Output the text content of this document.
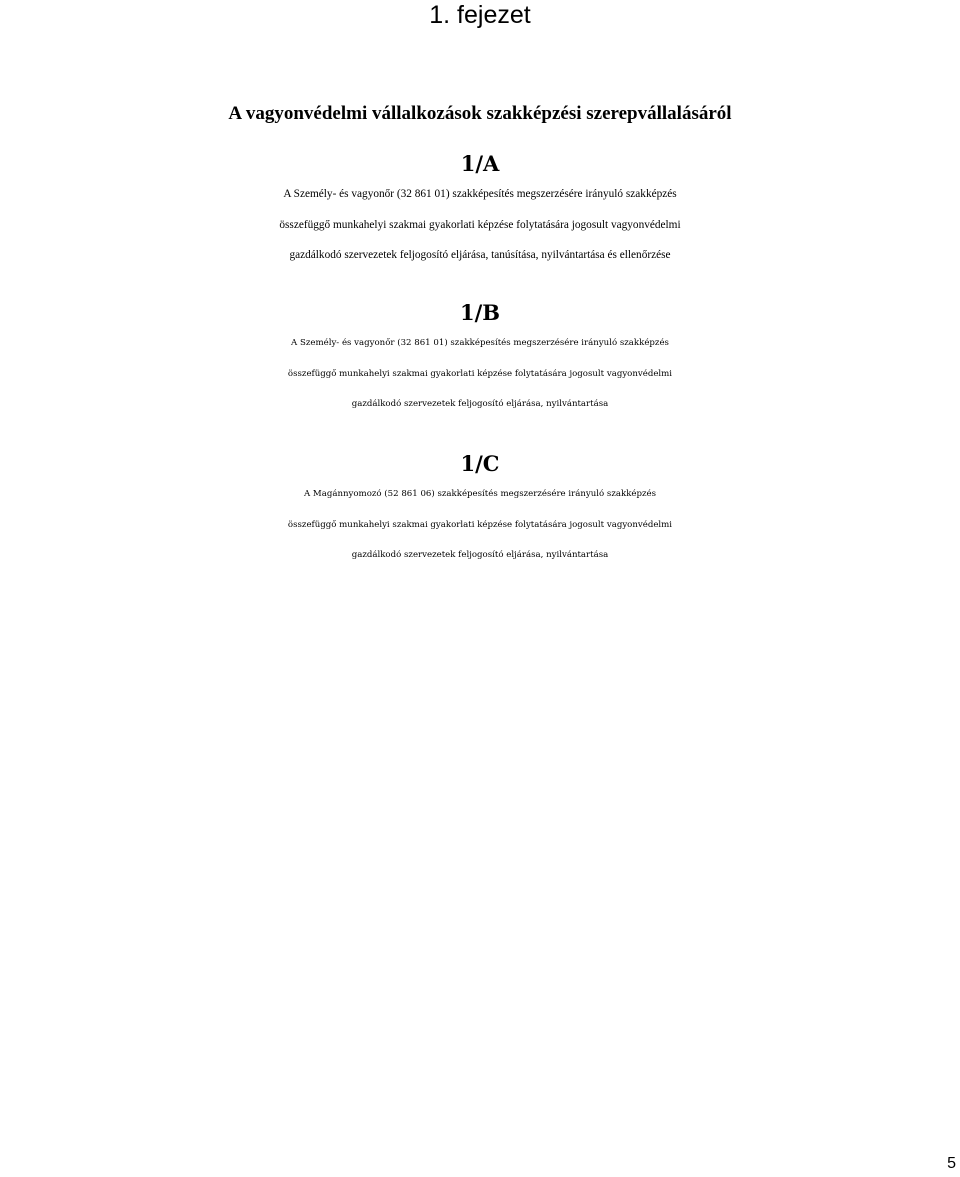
1. fejezet
A vagyonvédelmi vállalkozások szakképzési szerepvállalásáról

1/A

A Személy- és vagyonőr (32 861 01) szakképesítés megszerzésére irányuló szakképzés
összefüggő munkahelyi szakmai gyakorlati képzése folytatására jogosult vagyonvédelmi
gazdálkodó szervezetek feljogosító eljárása, tanúsítása, nyilvántartása és ellenőrzése

1/B

A Személy- és vagyonőr (32 861 01) szakképesítés megszerzésére irányuló szakképzés
összefüggő munkahelyi szakmai gyakorlati képzése folytatására jogosult vagyonvédelmi
gazdálkodó szervezetek feljogosító eljárása, nyilvántartása

1/C

A Magánnyomozó (52 861 06) szakképesítés megszerzésére irányuló szakképzés
összefüggő munkahelyi szakmai gyakorlati képzése folytatására jogosult vagyonvédelmi
gazdálkodó szervezetek feljogosító eljárása, nyilvántartása

5
